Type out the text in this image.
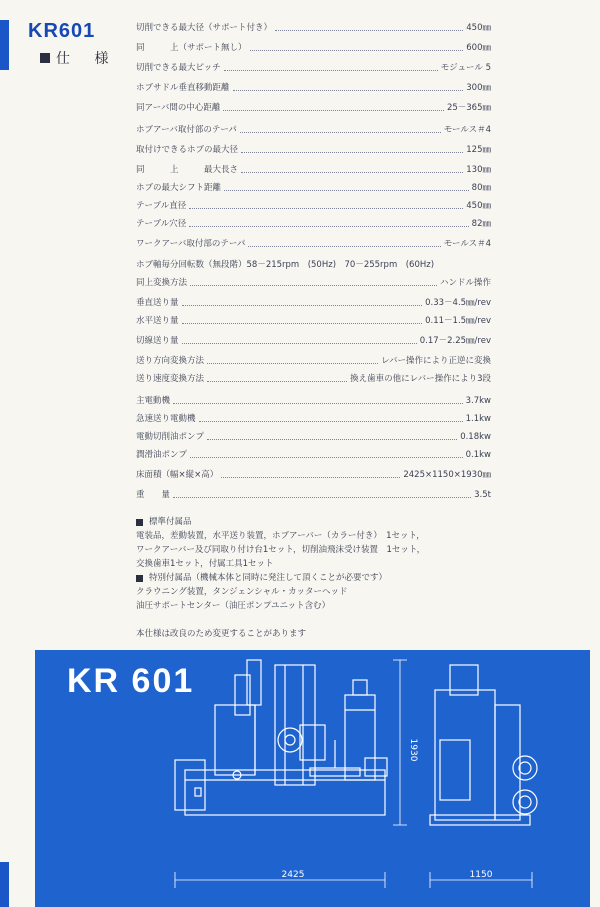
KR601
仕 様
切削できる最大径（サポート付き）	450㎜
同　　　上（サポート無し）	600㎜
切削できる最大ピッチ	モジュール 5
ホブサドル垂直移動距離	300㎜
同アーバ間の中心距離	25－365㎜
ホブアーバ取付部のテーパ	モールス＃4
取付けできるホブの最大径	125㎜
同　　　上　　　最大長さ	130㎜
ホブの最大シフト距離	80㎜
テーブル直径	450㎜
テーブル穴径	82㎜
ワークアーバ取付部のテーパ	モールス＃4
ホブ軸毎分回転数（無段階）58－215rpm　(50Hz)　70－255rpm　(60Hz)
同上変換方法	ハンドル操作
垂直送り量	0.33－4.5㎜/rev
水平送り量	0.11－1.5㎜/rev
切線送り量	0.17－2.25㎜/rev
送り方向変換方法	レバー操作により正逆に変換
送り速度変換方法	換え歯車の他にレバー操作により3段
主電動機	3.7kw
急速送り電動機	1.1kw
電動切削油ポンプ	0.18kw
潤滑油ポンプ	0.1kw
床面積（幅×縦×高）	2425×1150×1930㎜
重　　量	3.5t
標準付属品
電装品，差動装置，水平送り装置，ホブアーバー（カラー付き）　1セット，
ワークアーバー及び同取り付け台1セット，切削油飛沫受け装置　1セット，
交換歯車1セット，付属工具1セット
特別付属品（機械本体と同時に発注して頂くことが必要です）
クラウニング装置，タンジェンシャル・カッターヘッド
油圧サポートセンター（油圧ポンプユニット含む）
本仕様は改良のため変更することがあります
KR 601
2425
1930
1150
